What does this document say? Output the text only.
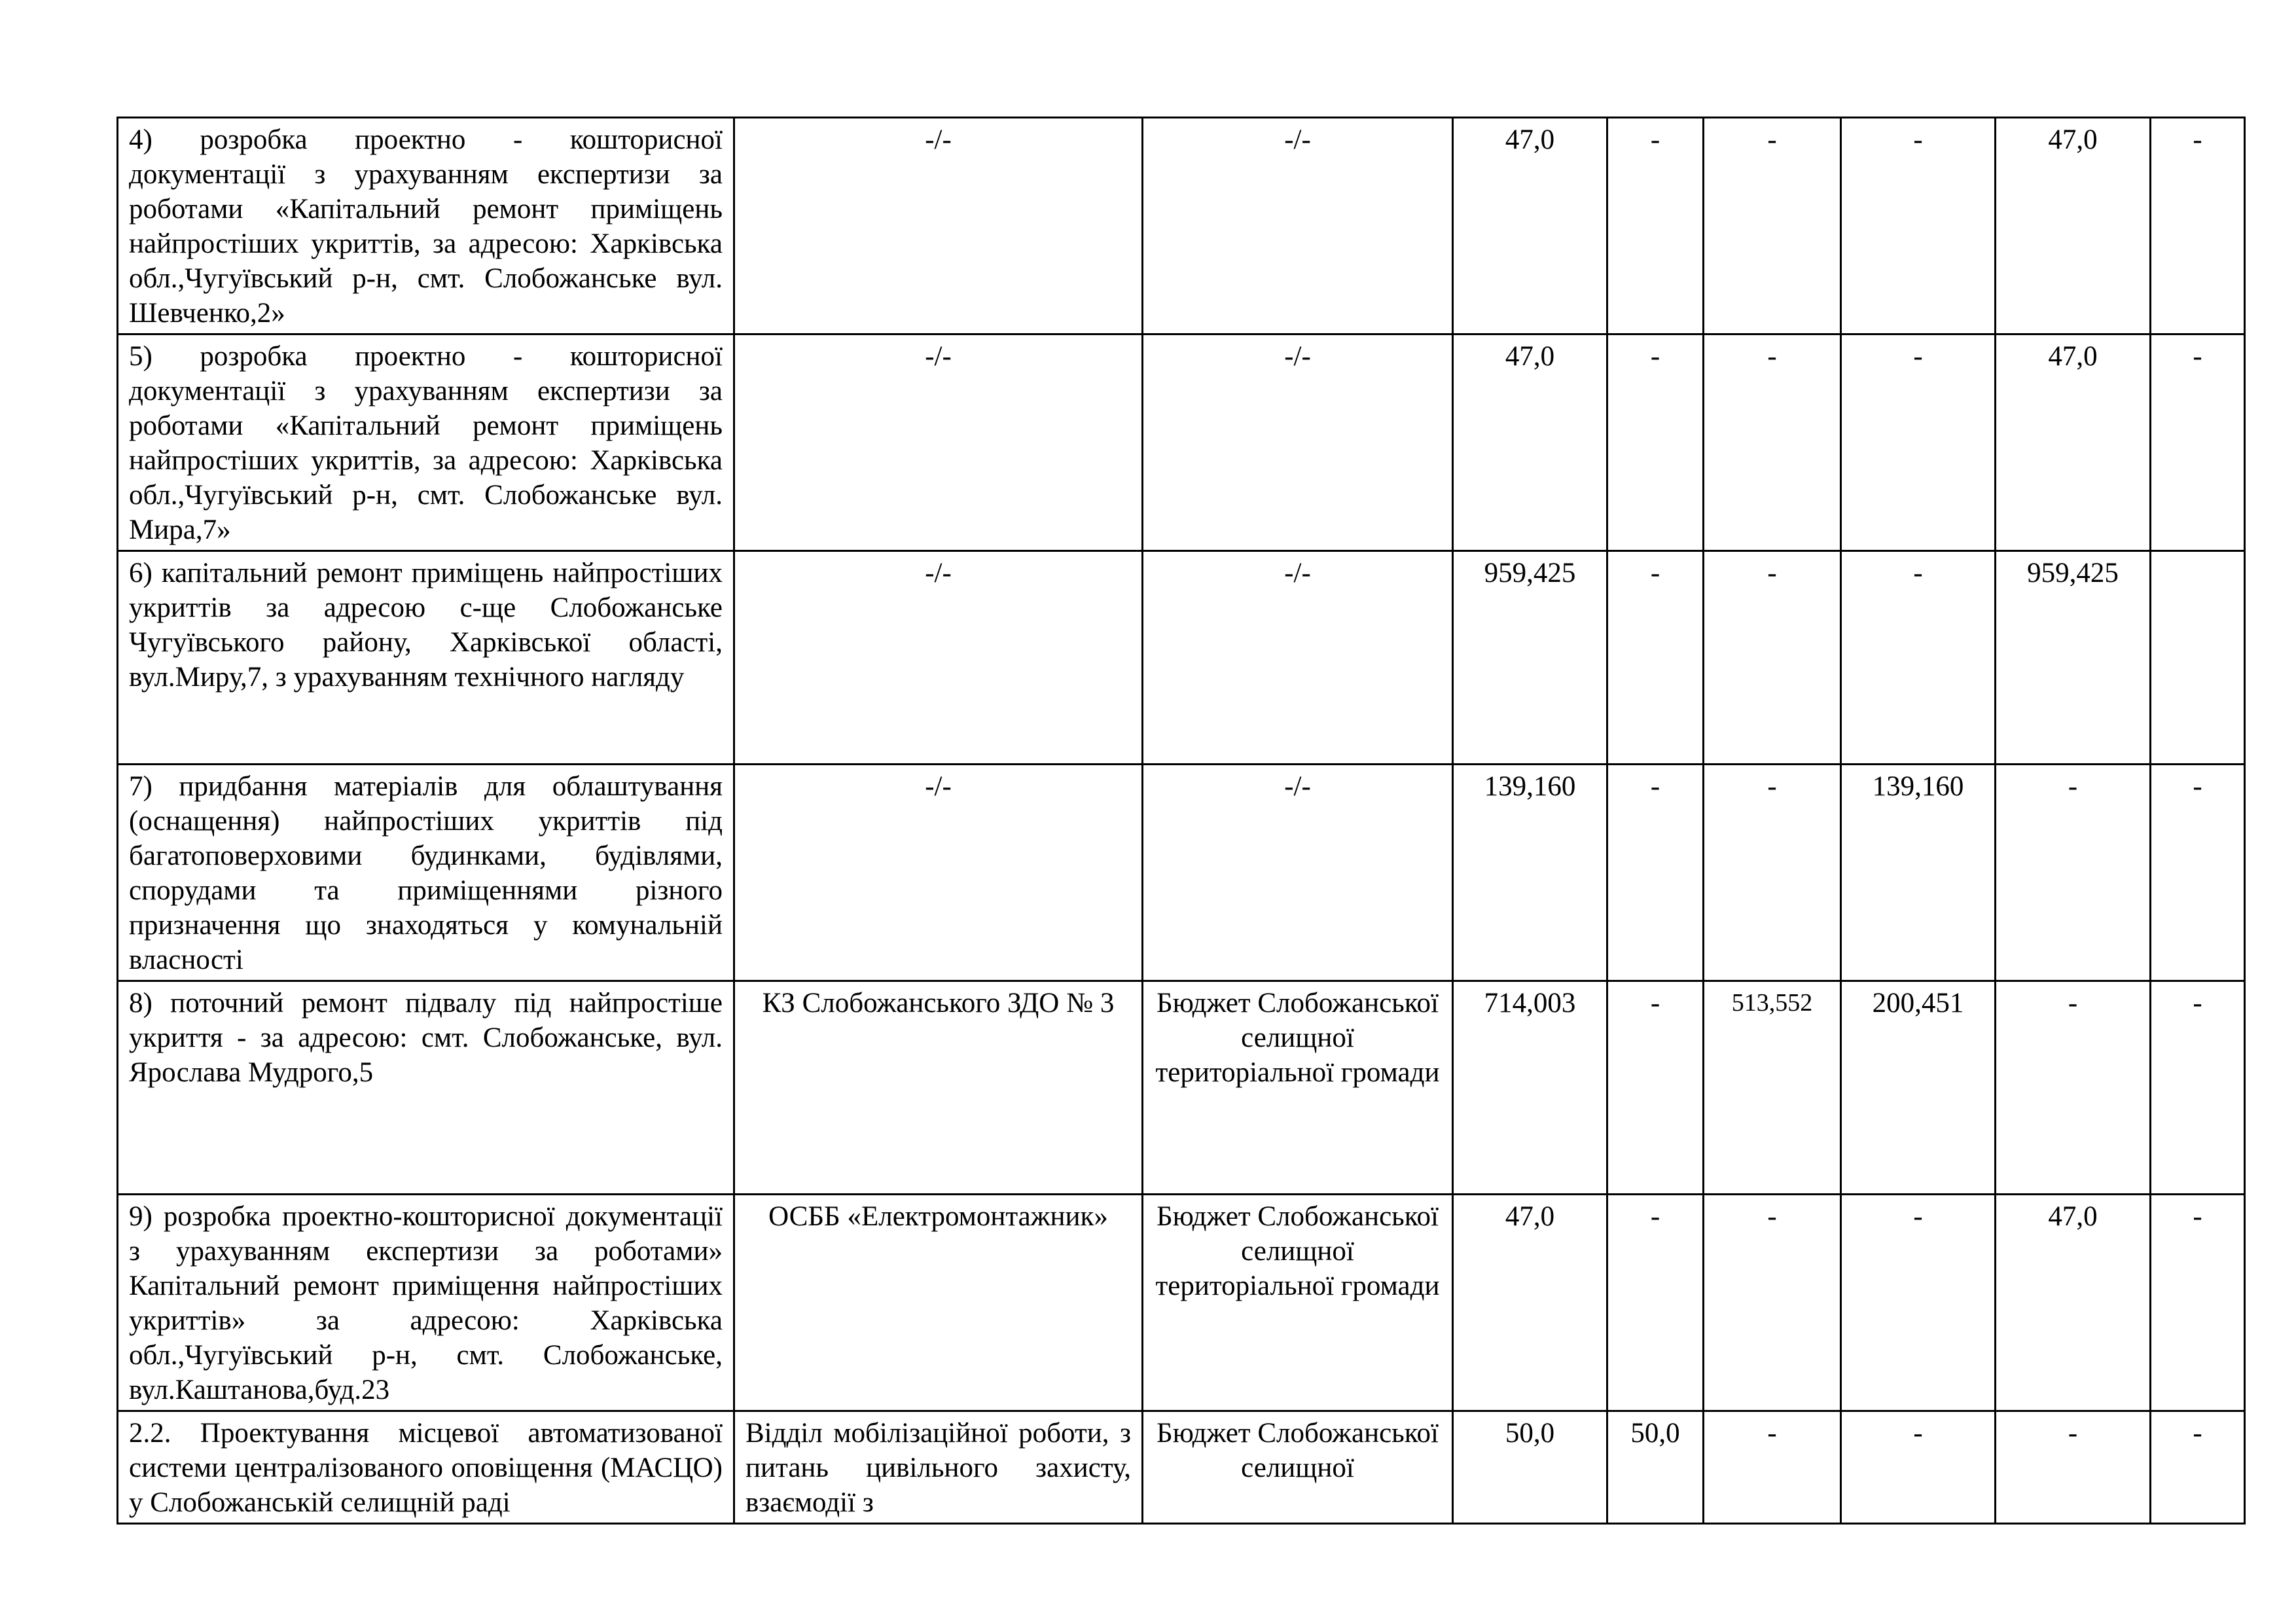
4) розробка проектно - кошторисної документації з урахуванням експертизи за роботами «Капітальний ремонт приміщень найпростіших укриттів, за адресою: Харківська обл.,Чугуївський р-н, смт. Слобожанське вул. Шевченко,2»	-/-	-/-	47,0	-	-	-	47,0	-
5) розробка проектно - кошторисної документації з урахуванням експертизи за роботами «Капітальний ремонт приміщень найпростіших укриттів, за адресою: Харківська обл.,Чугуївський р-н, смт. Слобожанське вул. Мира,7»	-/-	-/-	47,0	-	-	-	47,0	-
6) капітальний ремонт приміщень найпростіших укриттів за адресою с-ще Слобожанське Чугуївського району, Харківської області, вул.Миру,7, з урахуванням технічного нагляду	-/-	-/-	959,425	-	-	-	959,425	
7) придбання матеріалів для облаштування (оснащення) найпростіших укриттів під багатоповерховими будинками, будівлями, спорудами та приміщеннями різного призначення що знаходяться у комунальній власності	-/-	-/-	139,160	-	-	139,160	-	-
8) поточний ремонт підвалу під найпростіше укриття - за адресою: смт. Слобожанське, вул. Ярослава Мудрого,5	КЗ Слобожанського ЗДО № 3	Бюджет Слобожанської селищної територіальної громади	714,003	-	513,552	200,451	-	-
9) розробка проектно-кошторисної документації з урахуванням експертизи за роботами» Капітальний ремонт приміщення найпростіших укриттів» за адресою: Харківська обл.,Чугуївський р-н, смт. Слобожанське, вул.Каштанова,буд.23	ОСББ «Електромонтажник»	Бюджет Слобожанської селищної територіальної громади	47,0	-	-	-	47,0	-
2.2. Проектування місцевої автоматизованої системи централізованого оповіщення (МАСЦО) у Слобожанській селищній раді	Відділ мобілізаційної роботи, з питань цивільного захисту, взаємодії з	Бюджет Слобожанської селищної	50,0	50,0	-	-	-	-
